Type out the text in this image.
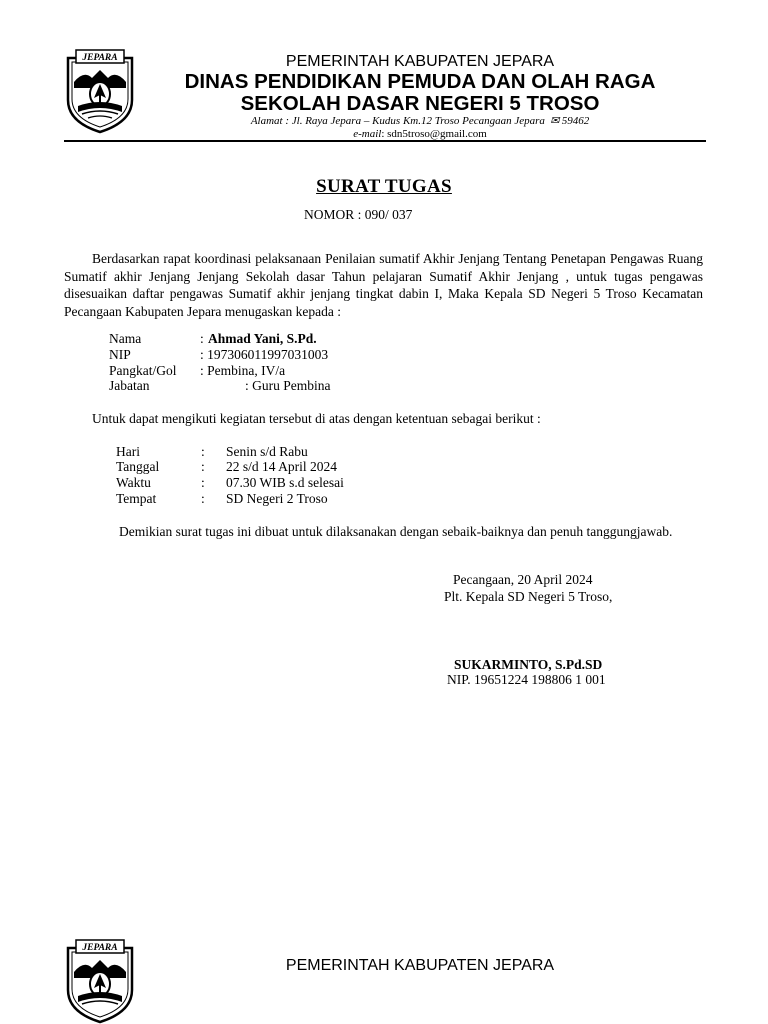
JEPARA	PEMERINTAH KABUPATEN JEPARA
DINAS PENDIDIKAN PEMUDA DAN OLAH RAGA
SEKOLAH DASAR NEGERI 5 TROSO
Alamat : Jl. Raya Jepara – Kudus Km.12 Troso Pecangaan Jepara ✉ 59462
e-mail: sdn5troso@gmail.com
SURAT TUGAS
NOMOR : 090/ 037
Berdasarkan rapat koordinasi pelaksanaan Penilaian sumatif Akhir Jenjang Tentang Penetapan Pengawas Ruang Sumatif akhir Jenjang Jenjang Sekolah dasar Tahun pelajaran Sumatif Akhir Jenjang , untuk tugas pengawas disesuaikan daftar pengawas Sumatif akhir jenjang tingkat dabin I, Maka Kepala SD Negeri 5 Troso Kecamatan Pecangaan Kabupaten Jepara menugaskan kepada :
Nama	: Ahmad Yani, S.Pd.
NIP	: 197306011997031003
Pangkat/Gol : Pembina, IV/a
Jabatan	: Guru Pembina
Untuk dapat mengikuti kegiatan tersebut di atas dengan ketentuan sebagai berikut :
Hari	: Senin s/d Rabu
Tanggal	: 22 s/d 14 April 2024
Waktu	: 07.30 WIB s.d selesai
Tempat	: SD Negeri 2 Troso
Demikian surat tugas ini dibuat untuk dilaksanakan dengan sebaik-baiknya dan penuh tanggungjawab.
Pecangaan, 20 April 2024
Plt. Kepala SD Negeri 5 Troso,
SUKARMINTO, S.Pd.SD
NIP. 19651224 198806 1 001
JEPARA
PEMERINTAH KABUPATEN JEPARA
